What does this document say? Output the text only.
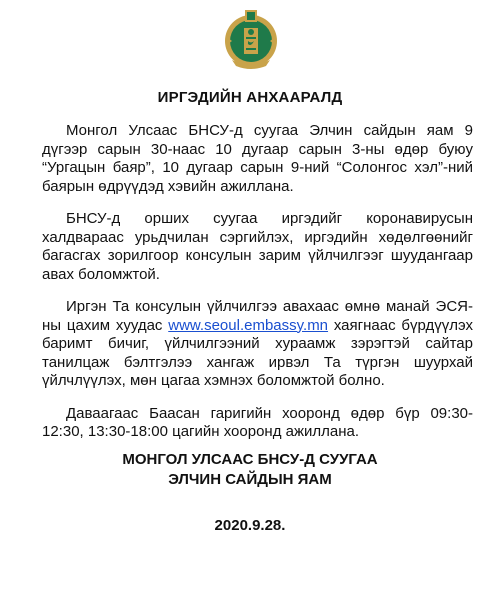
ИРГЭДИЙН АНХААРАЛД

Монгол Улсаас БНСУ-д суугаа Элчин сайдын яам 9 дүгээр сарын 30-наас 10 дугаар сарын 3-ны өдөр буюу “Ургацын баяр”, 10 дугаар сарын 9-ний “Солонгос хэл”-ний баярын өдрүүдэд хэвийн ажиллана.

БНСУ-д орших суугаа иргэдийг коронавирусын халдвараас урьдчилан сэргийлэх, иргэдийн хөдөлгөөнийг багасгах зорилгоор консулын зарим үйлчилгээг шуудангаар авах боломжтой.

Иргэн Та консулын үйлчилгээ авахаас өмнө манай ЭСЯ-ны цахим хуудас www.seoul.embassy.mn хаягнаас бүрдүүлэх баримт бичиг, үйлчилгээний хураамж зэрэгтэй сайтар танилцаж бэлтгэлээ хангаж ирвэл Та түргэн шуурхай үйлчлүүлэх, мөн цагаа хэмнэх боломжтой болно.

Даваагаас Баасан гаригийн хооронд өдөр бүр 09:30-12:30, 13:30-18:00 цагийн хооронд ажиллана.

МОНГОЛ УЛСААС БНСУ-Д СУУГАА
ЭЛЧИН САЙДЫН ЯАМ
2020.9.28.
